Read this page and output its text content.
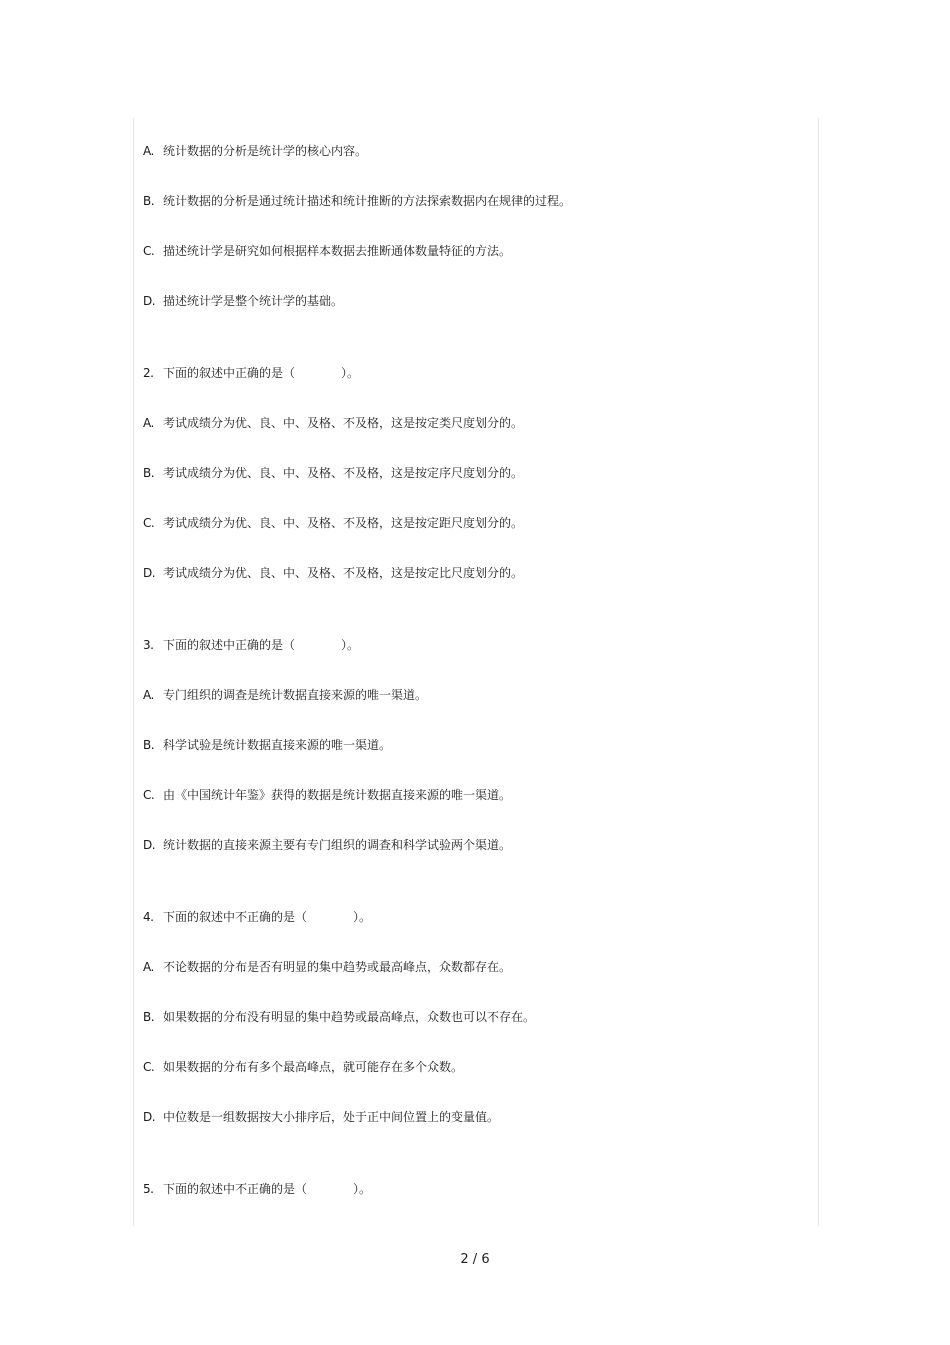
A. 统计数据的分析是统计学的核心内容。
B. 统计数据的分析是通过统计描述和统计推断的方法探索数据内在规律的过程。
C. 描述统计学是研究如何根据样本数据去推断通体数量特征的方法。
D. 描述统计学是整个统计学的基础。
2. 下面的叙述中正确的是（	）。
A. 考试成绩分为优、良、中、及格、不及格，这是按定类尺度划分的。
B. 考试成绩分为优、良、中、及格、不及格，这是按定序尺度划分的。
C. 考试成绩分为优、良、中、及格、不及格，这是按定距尺度划分的。
D. 考试成绩分为优、良、中、及格、不及格，这是按定比尺度划分的。
3. 下面的叙述中正确的是（	）。
A. 专门组织的调查是统计数据直接来源的唯一渠道。
B. 科学试验是统计数据直接来源的唯一渠道。
C. 由《中国统计年鉴》获得的数据是统计数据直接来源的唯一渠道。
D. 统计数据的直接来源主要有专门组织的调查和科学试验两个渠道。
4. 下面的叙述中不正确的是（	）。
A. 不论数据的分布是否有明显的集中趋势或最高峰点，众数都存在。
B. 如果数据的分布没有明显的集中趋势或最高峰点，众数也可以不存在。
C. 如果数据的分布有多个最高峰点，就可能存在多个众数。
D. 中位数是一组数据按大小排序后，处于正中间位置上的变量值。
5. 下面的叙述中不正确的是（	）。
2 / 6
